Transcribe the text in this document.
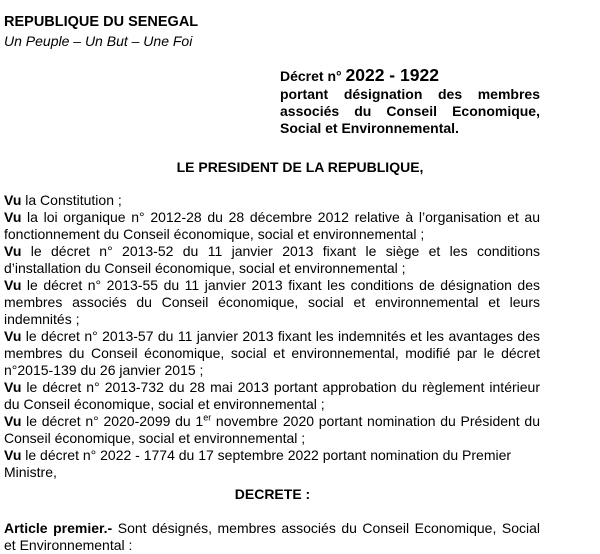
REPUBLIQUE DU SENEGAL

Un Peuple – Un But – Une Foi

Décret n° 2022 - 1922
portant désignation des membres associés du Conseil Economique, Social et Environnemental.

LE PRESIDENT DE LA REPUBLIQUE,

Vu la Constitution ;
Vu la loi organique n° 2012-28 du 28 décembre 2012 relative à l’organisation et au fonctionnement du Conseil économique, social et environnemental ;
Vu le décret n° 2013-52 du 11 janvier 2013 fixant le siège et les conditions d’installation du Conseil économique, social et environnemental ;
Vu le décret n° 2013-55 du 11 janvier 2013 fixant les conditions de désignation des membres associés du Conseil économique, social et environnemental et leurs indemnités ;
Vu le décret n° 2013-57 du 11 janvier 2013 fixant les indemnités et les avantages des membres du Conseil économique, social et environnemental, modifié par le décret n°2015-139 du 26 janvier 2015 ;
Vu le décret n° 2013-732 du 28 mai 2013 portant approbation du règlement intérieur du Conseil économique, social et environnemental ;
Vu le décret n° 2020-2099 du 1er novembre 2020 portant nomination du Président du Conseil économique, social et environnemental ;
Vu le décret n° 2022 - 1774 du 17 septembre 2022 portant nomination du Premier Ministre,

DECRETE :

Article premier.- Sont désignés, membres associés du Conseil Economique, Social et Environnemental :
